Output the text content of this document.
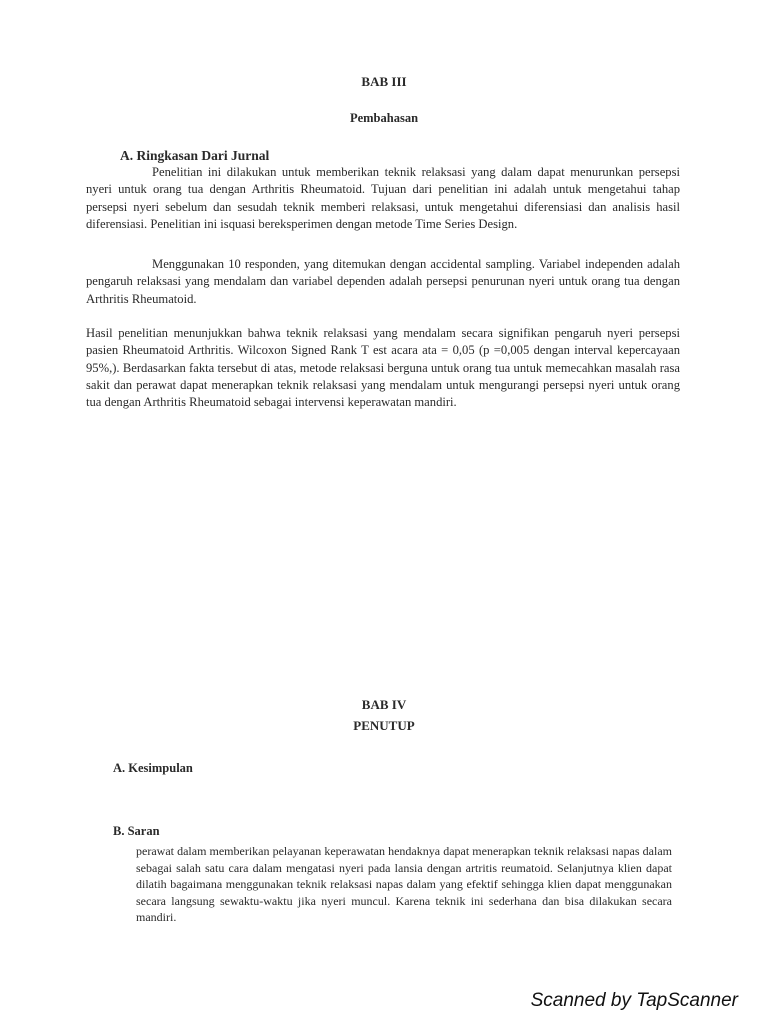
BAB III
Pembahasan
A. Ringkasan Dari Jurnal

Penelitian ini dilakukan untuk memberikan teknik relaksasi yang dalam dapat menurunkan persepsi nyeri untuk orang tua dengan Arthritis Rheumatoid. Tujuan dari penelitian ini adalah untuk mengetahui tahap persepsi nyeri sebelum dan sesudah teknik memberi relaksasi, untuk mengetahui diferensiasi dan analisis hasil diferensiasi. Penelitian ini isquasi bereksperimen dengan metode Time Series Design.

Menggunakan 10 responden, yang ditemukan dengan accidental sampling. Variabel independen adalah pengaruh relaksasi yang mendalam dan variabel dependen adalah persepsi penurunan nyeri untuk orang tua dengan Arthritis Rheumatoid.

Hasil penelitian menunjukkan bahwa teknik relaksasi yang mendalam secara signifikan pengaruh nyeri persepsi pasien Rheumatoid Arthritis. Wilcoxon Signed Rank T est acara ata = 0,05 (p =0,005 dengan interval kepercayaan 95%,). Berdasarkan fakta tersebut di atas, metode relaksasi berguna untuk orang tua untuk memecahkan masalah rasa sakit dan perawat dapat menerapkan teknik relaksasi yang mendalam untuk mengurangi persepsi nyeri untuk orang tua dengan Arthritis Rheumatoid sebagai intervensi keperawatan mandiri.

BAB IV
PENUTUP
A. Kesimpulan
B. Saran

perawat dalam memberikan pelayanan keperawatan hendaknya dapat menerapkan teknik relaksasi napas dalam sebagai salah satu cara dalam mengatasi nyeri pada lansia dengan artritis reumatoid. Selanjutnya klien dapat dilatih bagaimana menggunakan teknik relaksasi napas dalam yang efektif sehingga klien dapat menggunakan secara langsung sewaktu-waktu jika nyeri muncul. Karena teknik ini sederhana dan bisa dilakukan secara mandiri.

Scanned by TapScanner
